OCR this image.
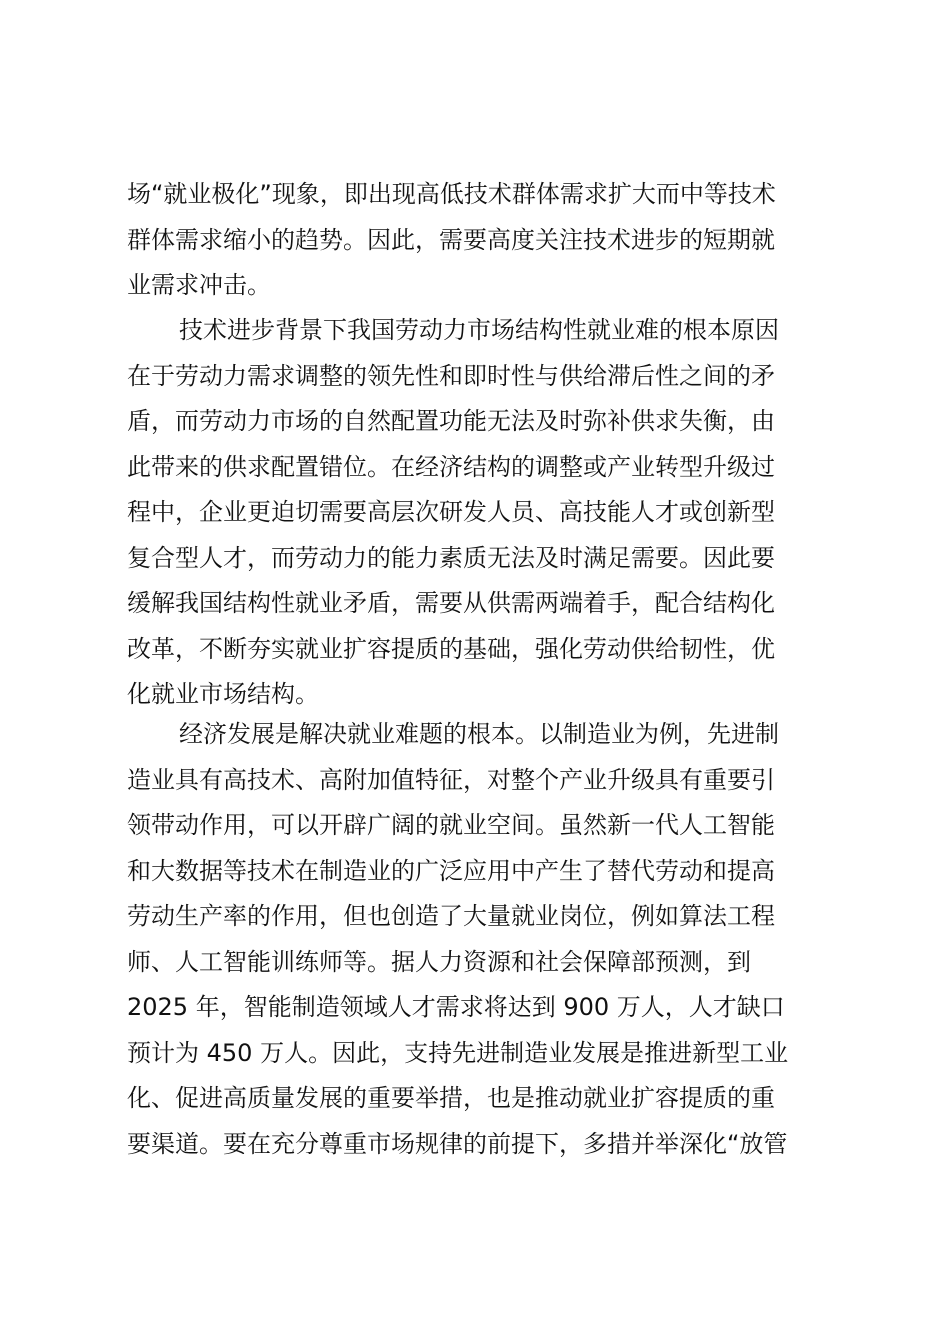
场“就业极化”现象，即出现高低技术群体需求扩大而中等技术
群体需求缩小的趋势。因此，需要高度关注技术进步的短期就
业需求冲击。
技术进步背景下我国劳动力市场结构性就业难的根本原因
在于劳动力需求调整的领先性和即时性与供给滞后性之间的矛
盾，而劳动力市场的自然配置功能无法及时弥补供求失衡，由
此带来的供求配置错位。在经济结构的调整或产业转型升级过
程中，企业更迫切需要高层次研发人员、高技能人才或创新型
复合型人才，而劳动力的能力素质无法及时满足需要。因此要
缓解我国结构性就业矛盾，需要从供需两端着手，配合结构化
改革，不断夯实就业扩容提质的基础，强化劳动供给韧性，优
化就业市场结构。
经济发展是解决就业难题的根本。以制造业为例，先进制
造业具有高技术、高附加值特征，对整个产业升级具有重要引
领带动作用，可以开辟广阔的就业空间。虽然新一代人工智能
和大数据等技术在制造业的广泛应用中产生了替代劳动和提高
劳动生产率的作用，但也创造了大量就业岗位，例如算法工程
师、人工智能训练师等。据人力资源和社会保障部预测，到
2025 年，智能制造领域人才需求将达到 900 万人，人才缺口
预计为 450 万人。因此，支持先进制造业发展是推进新型工业
化、促进高质量发展的重要举措，也是推动就业扩容提质的重
要渠道。要在充分尊重市场规律的前提下，多措并举深化“放管
